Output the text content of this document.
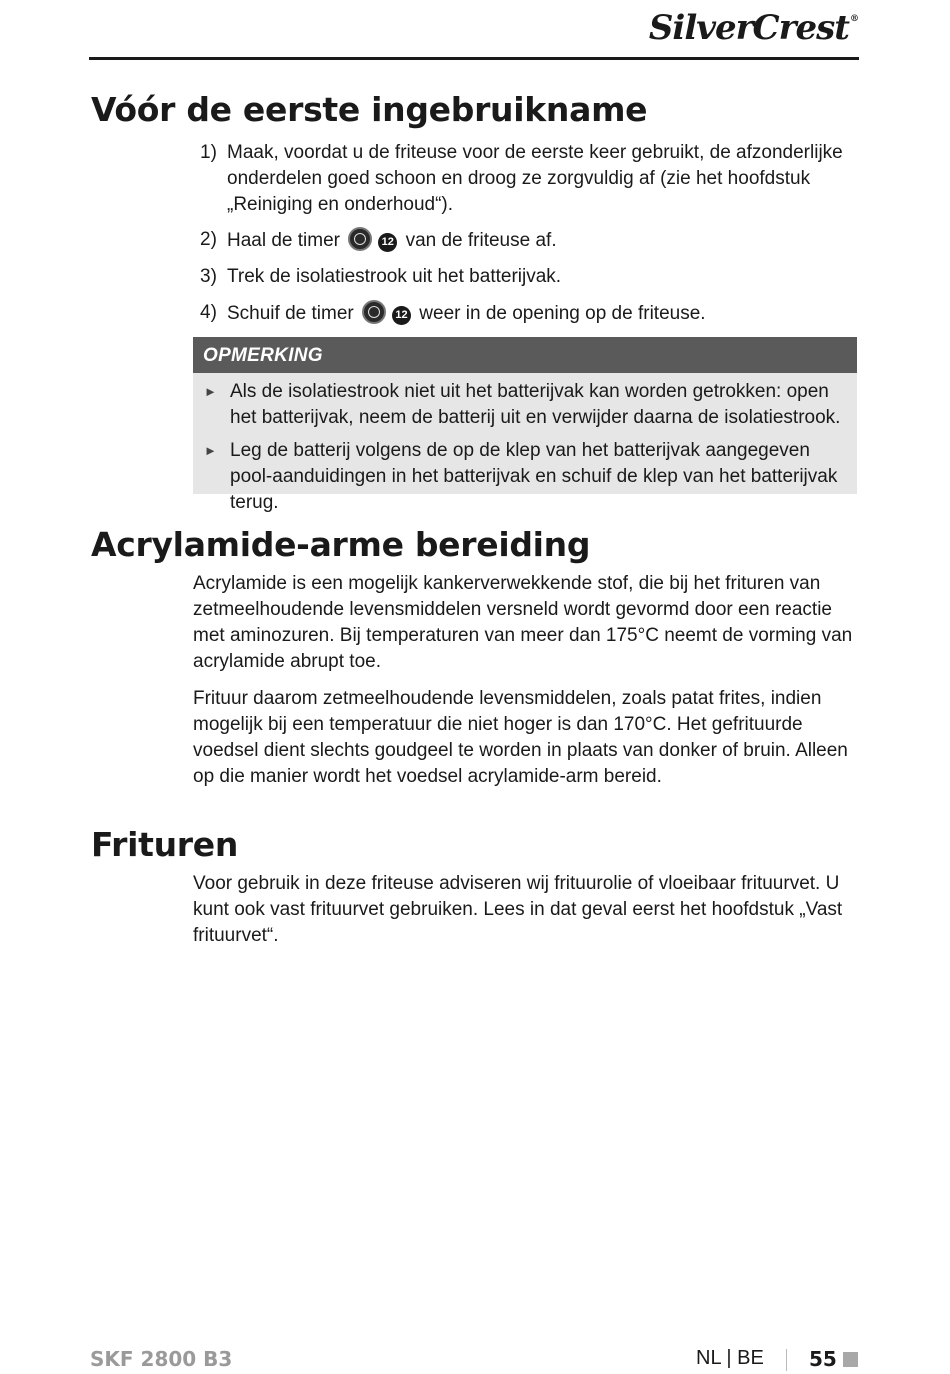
SilverCrest®
Vóór de eerste ingebruikname
1) Maak, voordat u de friteuse voor de eerste keer gebruikt, de afzonderlijke onderdelen goed schoon en droog ze zorgvuldig af (zie het hoofdstuk „Reiniging en onderhoud“).
2) Haal de timer	12 van de friteuse af.
3) Trek de isolatiestrook uit het batterijvak.
4) Schuif de timer	12 weer in de opening op de friteuse.
OPMERKING
► Als de isolatiestrook niet uit het batterijvak kan worden getrokken: open het batterijvak, neem de batterij uit en verwijder daarna de isolatiestrook.
► Leg de batterij volgens de op de klep van het batterijvak aangegeven pool-aanduidingen in het batterijvak en schuif de klep van het batterijvak terug.
Acrylamide-arme bereiding

Acrylamide is een mogelijk kankerverwekkende stof, die bij het frituren van zetmeelhoudende levensmiddelen versneld wordt gevormd door een reactie met aminozuren. Bij temperaturen van meer dan 175°C neemt de vorming van acrylamide abrupt toe.

Frituur daarom zetmeelhoudende levensmiddelen, zoals patat frites, indien mogelijk bij een temperatuur die niet hoger is dan 170°C. Het gefrituurde voedsel dient slechts goudgeel te worden in plaats van donker of bruin. Alleen op die manier wordt het voedsel acrylamide-arm bereid.

Frituren

Voor gebruik in deze friteuse adviseren wij frituurolie of vloeibaar frituurvet. U kunt ook vast frituurvet gebruiken. Lees in dat geval eerst het hoofdstuk „Vast frituurvet“.

SKF 2800 B3	NL | BE 55
